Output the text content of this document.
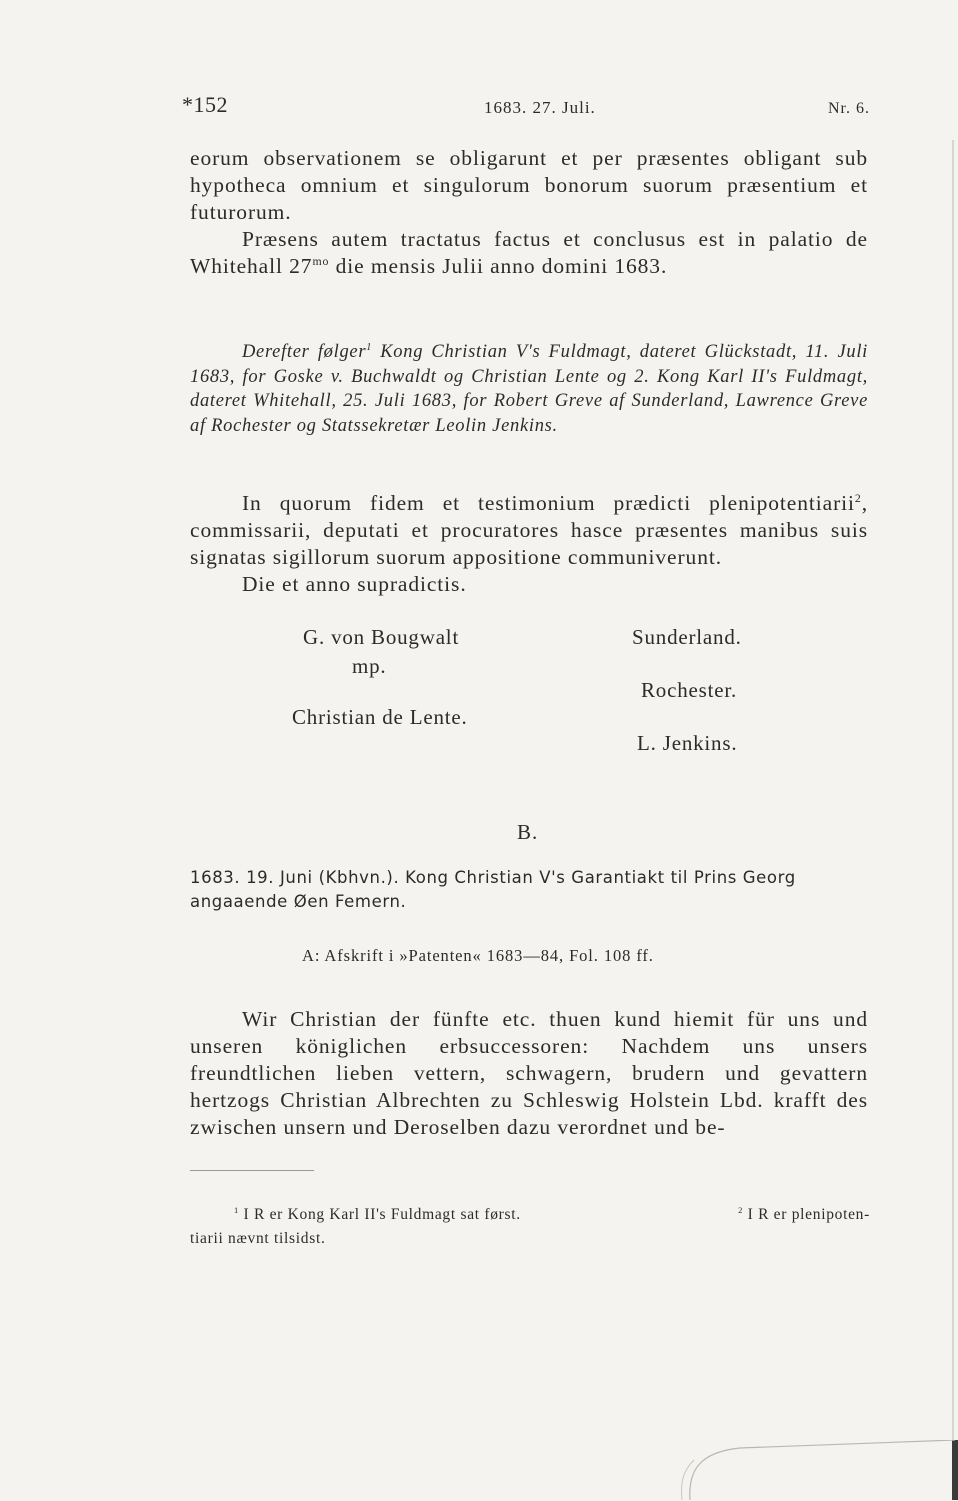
*152	1683. 27. Juli.	Nr. 6.
eorum observationem se obligarunt et per præsentes obligant sub hypotheca omnium et singulorum bonorum suorum præsentium et futurorum.
Præsens autem tractatus factus et conclusus est in palatio de Whitehall $27^{mo}$ die mensis Julii anno domini 1683.

Derefter følger$^1$ Kong Christian V's Fuldmagt, dateret Glückstadt, 11. Juli 1683, for Goske v. Buchwaldt og Christian Lente og 2. Kong Karl II's Fuldmagt, dateret Whitehall, 25. Juli 1683, for Robert Greve af Sunderland, Lawrence Greve af Rochester og Statssekretær Leolin Jenkins.

In quorum fidem et testimonium prædicti plenipotentiarii$^2$, commissarii, deputati et procuratores hasce præsentes manibus suis signatas sigillorum suorum appositione communiverunt.

Die et anno supradictis.

G. von Bougwalt
mp.
Christian de Lente.
Sunderland.
Rochester.
L. Jenkins.
B.
1683. 19. Juni (Kbhvn.). Kong Christian V's Garantiakt til Prins Georg
angaaende Øen Femern.
A: Afskrift i »Patenten« 1683—84, Fol. 108 ff.

Wir Christian der fünfte etc. thuen kund hiemit für uns und unseren königlichen erbsuccessoren: Nachdem uns unsers freundtlichen lieben vettern, schwagern, brudern und gevattern hertzogs Christian Albrechten zu Schleswig Holstein Lbd. krafft des zwischen unsern und Deroselben dazu verordnet und be-

$^1$ I R er Kong Karl II's Fuldmagt sat først.	$^2$ I R er plenipoten-
tiarii nævnt tilsidst.
